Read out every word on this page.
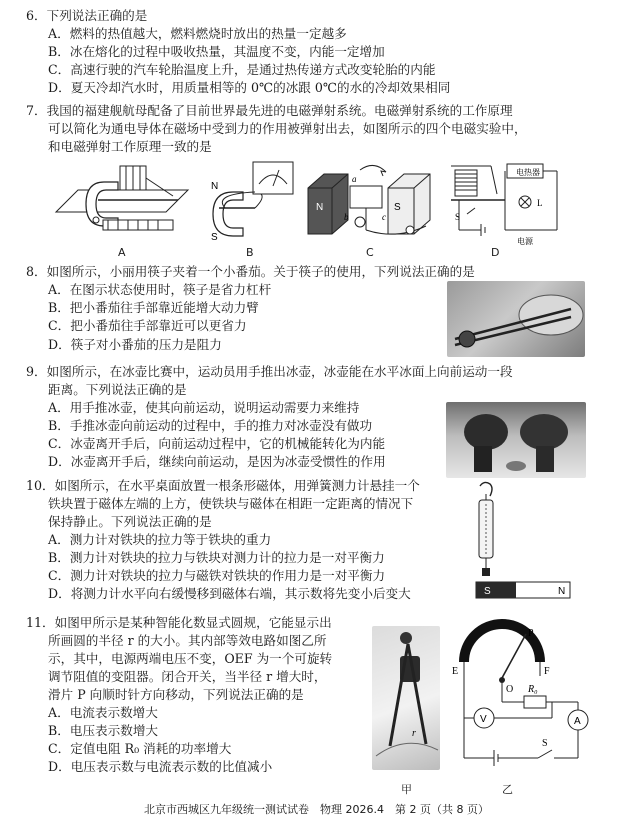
6．下列说法正确的是
A．燃料的热值越大，燃料燃烧时放出的热量一定越多
B．冰在熔化的过程中吸收热量，其温度不变，内能一定增加
C．高速行驶的汽车轮胎温度上升，是通过热传递方式改变轮胎的内能
D．夏天冷却汽水时，用质量相等的 0℃的冰跟 0℃的水的冷却效果相同
7．我国的福建舰航母配备了目前世界最先进的电磁弹射系统。电磁弹射系统的工作原理
可以简化为通电导体在磁场中受到力的作用被弹射出去，如图所示的四个电磁实验中，
和电磁弹射工作原理一致的是
A
N
S
B
N	S
a
b	c
C
电热器
L
S
电源
D
8．如图所示，小丽用筷子夹着一个小番茄。关于筷子的使用，下列说法正确的是
A．在图示状态使用时，筷子是省力杠杆
B．把小番茄往手部靠近能增大动力臂
C．把小番茄往手部靠近可以更省力
D．筷子对小番茄的压力是阻力
9．如图所示，在冰壶比赛中，运动员用手推出冰壶，冰壶能在水平冰面上向前运动一段
距离。下列说法正确的是
A．用手推冰壶，使其向前运动，说明运动需要力来维持
B．手推冰壶向前运动的过程中，手的推力对冰壶没有做功
C．冰壶离开手后，向前运动过程中，它的机械能转化为内能
D．冰壶离开手后，继续向前运动，是因为冰壶受惯性的作用
10．如图所示，在水平桌面放置一根条形磁体，用弹簧测力计悬挂一个
铁块置于磁体左端的上方，使铁块与磁体在相距一定距离的情况下
保持静止。下列说法正确的是
A．测力计对铁块的拉力等于铁块的重力
B．测力计对铁块的拉力与铁块对测力计的拉力是一对平衡力
C．测力计对铁块的拉力与磁铁对铁块的作用力是一对平衡力
D．将测力计水平向右缓慢移到磁体右端，其示数将先变小后变大	S	N
11．如图甲所示是某种智能化数显式圆规，它能显示出
所画圆的半径 r 的大小。其内部等效电路如图乙所
示，其中，电源两端电压不变，OEF 为一个可旋转
调节阻值的变阻器。闭合开关，当半径 r 增大时，
滑片 P 向顺时针方向移动，下列说法正确的是
A．电流表示数增大
B．电压表示数增大
C．定值电阻 R₀ 消耗的功率增大
D．电压表示数与电流表示数的比值减小
r
甲
P
E	F
O R₀
V	A
S
乙
北京市西城区九年级统一测试试卷　物理 2026.4　第 2 页（共 8 页）
